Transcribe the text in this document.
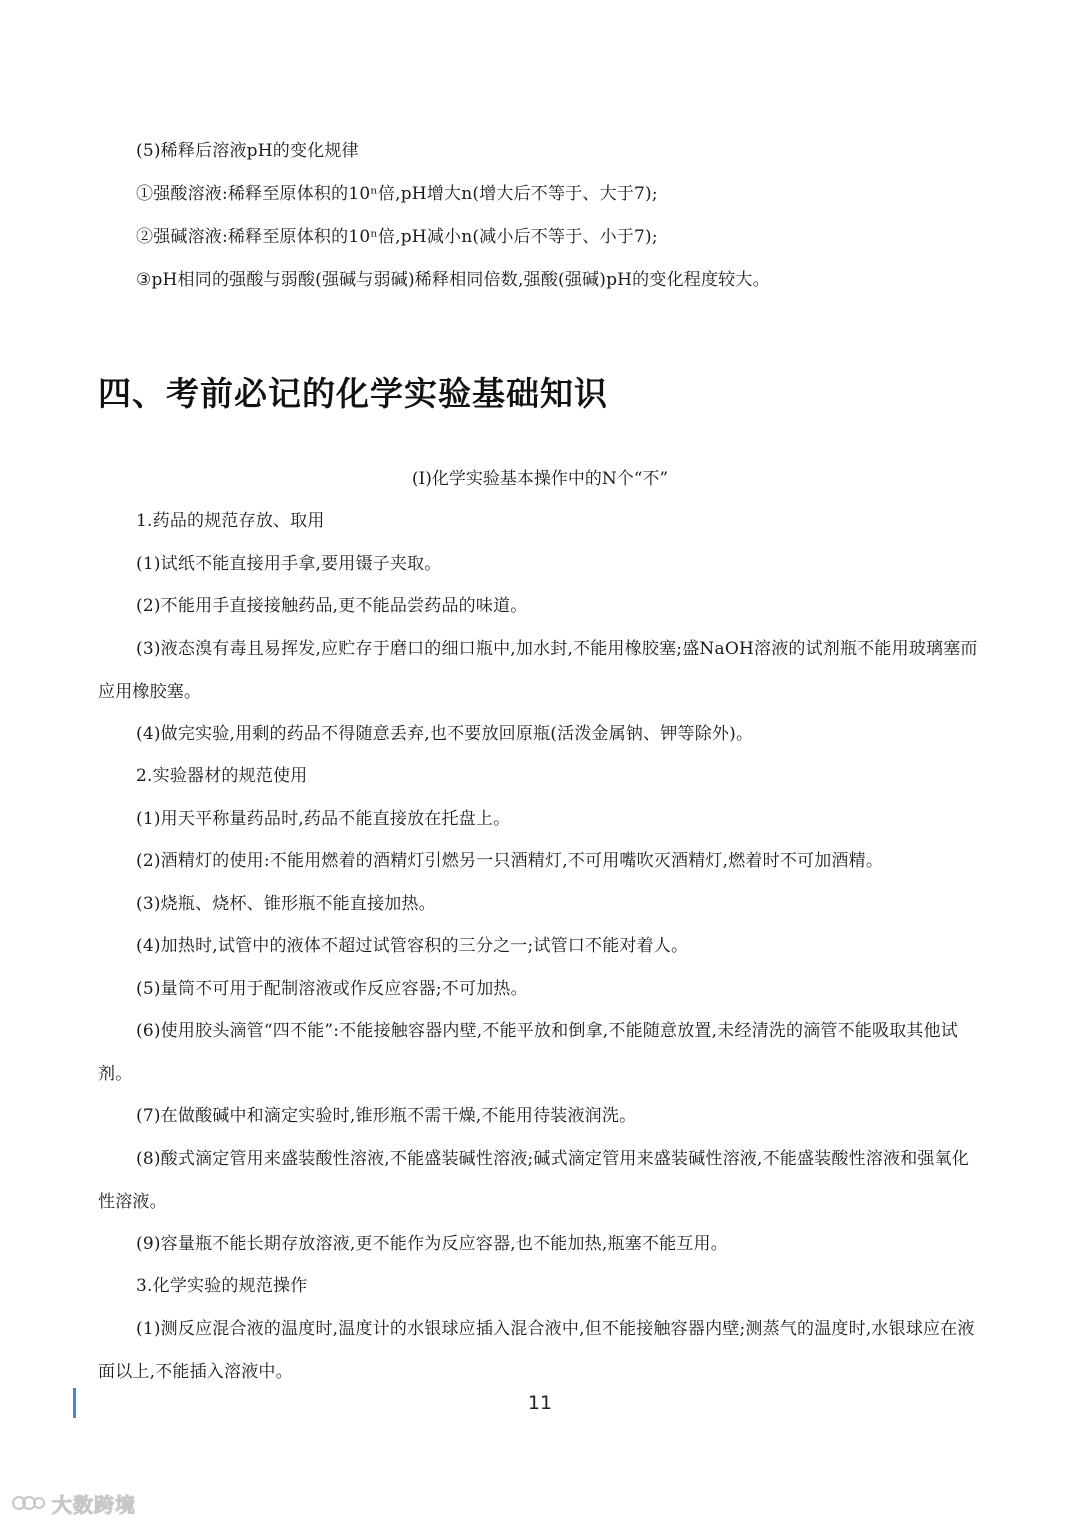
(5)稀释后溶液pH的变化规律
①强酸溶液:稀释至原体积的10ⁿ倍,pH增大n(增大后不等于、大于7);
②强碱溶液:稀释至原体积的10ⁿ倍,pH减小n(减小后不等于、小于7);
③pH相同的强酸与弱酸(强碱与弱碱)稀释相同倍数,强酸(强碱)pH的变化程度较大。
四、考前必记的化学实验基础知识
(Ⅰ)化学实验基本操作中的N个“不”
1.药品的规范存放、取用
(1)试纸不能直接用手拿,要用镊子夹取。
(2)不能用手直接接触药品,更不能品尝药品的味道。
(3)液态溴有毒且易挥发,应贮存于磨口的细口瓶中,加水封,不能用橡胶塞;盛NaOH溶液的试剂瓶不能用玻璃塞而应用橡胶塞。
(4)做完实验,用剩的药品不得随意丢弃,也不要放回原瓶(活泼金属钠、钾等除外)。
2.实验器材的规范使用
(1)用天平称量药品时,药品不能直接放在托盘上。
(2)酒精灯的使用:不能用燃着的酒精灯引燃另一只酒精灯,不可用嘴吹灭酒精灯,燃着时不可加酒精。
(3)烧瓶、烧杯、锥形瓶不能直接加热。
(4)加热时,试管中的液体不超过试管容积的三分之一;试管口不能对着人。
(5)量筒不可用于配制溶液或作反应容器;不可加热。
(6)使用胶头滴管“四不能”:不能接触容器内壁,不能平放和倒拿,不能随意放置,未经清洗的滴管不能吸取其他试剂。
(7)在做酸碱中和滴定实验时,锥形瓶不需干燥,不能用待装液润洗。
(8)酸式滴定管用来盛装酸性溶液,不能盛装碱性溶液;碱式滴定管用来盛装碱性溶液,不能盛装酸性溶液和强氧化性溶液。
(9)容量瓶不能长期存放溶液,更不能作为反应容器,也不能加热,瓶塞不能互用。
3.化学实验的规范操作
(1)测反应混合液的温度时,温度计的水银球应插入混合液中,但不能接触容器内壁;测蒸气的温度时,水银球应在液面以上,不能插入溶液中。
11
大数跨境
